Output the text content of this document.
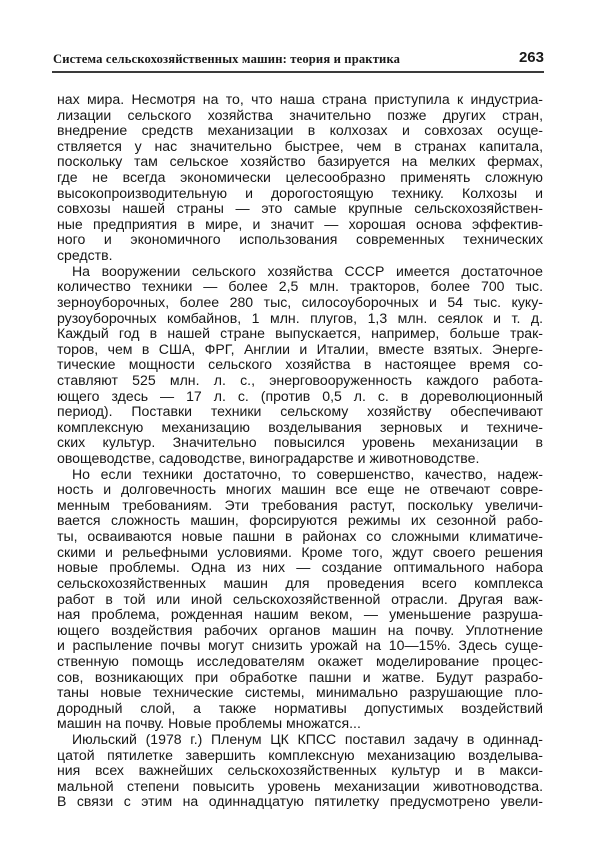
Система сельскохозяйственных машин: теория и практика	263
нах мира. Несмотря на то, что наша страна приступила к индустриа-
лизации сельского хозяйства значительно позже других стран,
внедрение средств механизации в колхозах и совхозах осуще-
ствляется у нас значительно быстрее, чем в странах капитала,
поскольку там сельское хозяйство базируется на мелких фермах,
где не всегда экономически целесообразно применять сложную
высокопроизводительную и дорогостоящую технику. Колхозы и
совхозы нашей страны — это самые крупные сельскохозяйствен-
ные предприятия в мире, и значит — хорошая основа эффектив-
ного и экономичного использования современных технических
средств.
На вооружении сельского хозяйства СССР имеется достаточное
количество техники — более 2,5 млн. тракторов, более 700 тыс.
зерноуборочных, более 280 тыс, силосоуборочных и 54 тыс. куку-
рузоуборочных комбайнов, 1 млн. плугов, 1,3 млн. сеялок и т. д.
Каждый год в нашей стране выпускается, например, больше трак-
торов, чем в США, ФРГ, Англии и Италии, вместе взятых. Энерге-
тические мощности сельского хозяйства в настоящее время со-
ставляют 525 млн. л. с., энерговооруженность каждого работа-
ющего здесь — 17 л. с. (против 0,5 л. с. в дореволюционный
период). Поставки техники сельскому хозяйству обеспечивают
комплексную механизацию возделывания зерновых и техниче-
ских культур. Значительно повысился уровень механизации в
овощеводстве, садоводстве, виноградарстве и животноводстве.
Но если техники достаточно, то совершенство, качество, надеж-
ность и долговечность многих машин все еще не отвечают совре-
менным требованиям. Эти требования растут, поскольку увеличи-
вается сложность машин, форсируются режимы их сезонной рабо-
ты, осваиваются новые пашни в районах со сложными климатиче-
скими и рельефными условиями. Кроме того, ждут своего решения
новые проблемы. Одна из них — создание оптимального набора
сельскохозяйственных машин для проведения всего комплекса
работ в той или иной сельскохозяйственной отрасли. Другая важ-
ная проблема, рожденная нашим веком, — уменьшение разруша-
ющего воздействия рабочих органов машин на почву. Уплотнение
и распыление почвы могут снизить урожай на 10—15%. Здесь суще-
ственную помощь исследователям окажет моделирование процес-
сов, возникающих при обработке пашни и жатве. Будут разрабо-
таны новые технические системы, минимально разрушающие пло-
дородный слой, а также нормативы допустимых воздействий
машин на почву. Новые проблемы множатся...
Июльский (1978 г.) Пленум ЦК КПСС поставил задачу в одиннад-
цатой пятилетке завершить комплексную механизацию возделыва-
ния всех важнейших сельскохозяйственных культур и в макси-
мальной степени повысить уровень механизации животноводства.
В связи с этим на одиннадцатую пятилетку предусмотрено увели-
